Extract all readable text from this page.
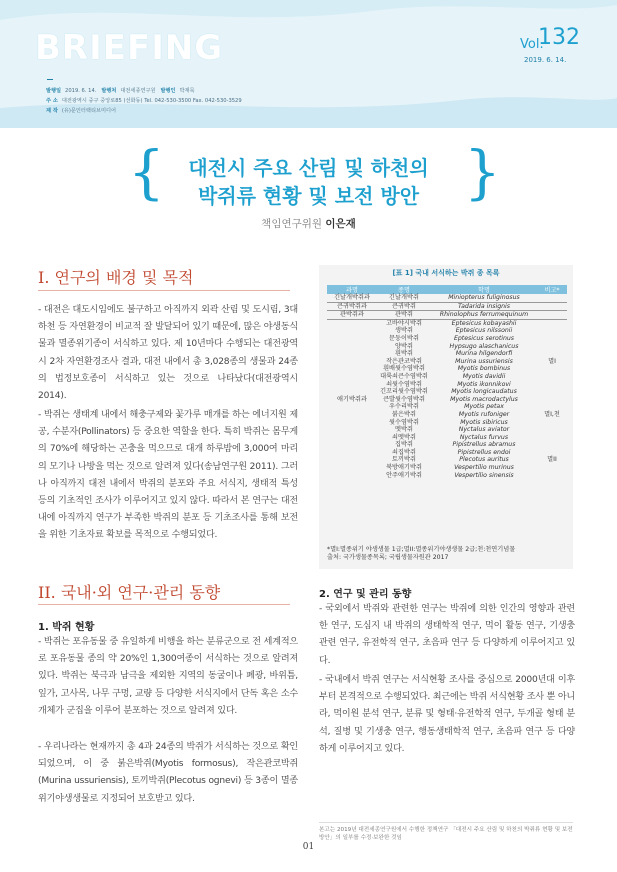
BRIEFING	Vol.
132
2019. 6. 14.
발행일 2019. 6. 14. 발행처 대전세종연구원 발행인 박재묵
주 소 대전광역시 중구 중앙로85 (선화동) Tel. 042-530-3500 Fax. 042-530-3529
제 작 (유)문인터랙티브미디어
{	}
대전시 주요 산림 및 하천의
박쥐류 현황 및 보전 방안
책임연구위원 이은재
I. 연구의 배경 및 목적
- 대전은 대도시임에도 불구하고 아직까지 외곽 산림 및 도시림, 3대 하천 등 자연환경이 비교적 잘 발달되어 있기 때문에, 많은 야생동식물과 멸종위기종이 서식하고 있다. 제 10년마다 수행되는 대전광역시 2차 자연환경조사 결과, 대전 내에서 총 3,028종의 생물과 24종의 법정보호종이 서식하고 있는 것으로 나타났다(대전광역시 2014).
- 박쥐는 생태계 내에서 해충구제와 꽃가루 매개를 하는 에너지원 제공, 수분자(Pollinators) 등 중요한 역할을 한다. 특히 박쥐는 몸무게의 70%에 해당하는 곤충을 먹으므로 대개 하루밤에 3,000여 마리의 모기나 나방을 먹는 것으로 알려져 있다(송남연구원 2011). 그러나 아직까지 대전 내에서 박쥐의 분포와 주요 서식지, 생태적 특성 등의 기초적인 조사가 이루어지고 있지 않다. 따라서 본 연구는 대전 내에 아직까지 연구가 부족한 박쥐의 분포 등 기초조사를 통해 보전을 위한 기초자료 확보를 목적으로 수행되었다.
II. 국내·외 연구·관리 동향
1. 박쥐 현황
- 박쥐는 포유동물 중 유일하게 비행을 하는 분류군으로 전 세계적으로 포유동물 종의 약 20%인 1,300여종이 서식하는 것으로 알려져 있다. 박쥐는 북극과 남극을 제외한 지역의 동굴이나 폐광, 바위틈, 잎가, 고사목, 나무 구멍, 교량 등 다양한 서식지에서 단독 혹은 소수 개체가 군집을 이루어 분포하는 것으로 알려져 있다.
- 우리나라는 현재까지 총 4과 24종의 박쥐가 서식하는 것으로 확인되었으며, 이 중 붉은박쥐(Myotis formosus), 작은관코박쥐(Murina ussuriensis), 토끼박쥐(Plecotus ognevi) 등 3종이 멸종위기야생생물로 지정되어 보호받고 있다.
2. 연구 및 관리 동향
- 국외에서 박쥐와 관련한 연구는 박쥐에 의한 인간의 영향과 관련한 연구, 도심지 내 박쥐의 생태학적 연구, 먹이 활동 연구, 기생충 관련 연구, 유전학적 연구, 초음파 연구 등 다양하게 이루어지고 있다.
- 국내에서 박쥐 연구는 서식현황 조사를 중심으로 2000년대 이후부터 본격적으로 수행되었다. 최근에는 박쥐 서식현황 조사 뿐 아니라, 먹이원 분석 연구, 분류 및 형태·유전학적 연구, 두개골 형태 분석, 질병 및 기생충 연구, 행동생태학적 연구, 초음파 연구 등 다양하게 이루어지고 있다.
[표 1] 국내 서식하는 박쥐 종 목록
과명	종명	학명	비고*
긴날개박쥐과	긴날개박쥐	Miniopterus fuliginosus	
큰귀박쥐과	큰귀박쥐	Tadarida insignis	
관박쥐과	관박쥐	Rhinolophus ferrumequinum	
	고바야시박쥐	Eptesicus kobayashii	
	생박쥐	Eptesicus nilssonii	
	문둥이박쥐	Eptesicus serotinus	
	양박쥐	Hypsugo alaschanicus	
	흰박쥐	Murina hilgendorfi	
	작은관코박쥐	Murina ussuriensis	멸I
	흰배윗수염박쥐	Myotis bombinus	
	대륙쇠큰수염박쥐	Myotis davidii	
	쇠윗수염박쥐	Myotis ikonnikovi	
	긴꼬리윗수염박쥐	Myotis longicaudatus	
애기박쥐과	큰발윗수염박쥐	Myotis macrodactylus	
	우수리박쥐	Myotis petax	
	붉은박쥐	Myotis rufoniger	멸I,천
	윗수염박쥐	Myotis sibiricus	
	멧박쥐	Nyctalus aviator	
	쇠멧박쥐	Nyctalus furvus	
	집박쥐	Pipistrellus abramus	
	쇠집박쥐	Pipistrellus endoi	
	토끼박쥐	Plecotus auritus	멸II
	북방애기박쥐	Vespertilio murinus	
	안주애기박쥐	Vespertilio sinensis	
*멸I:멸종위기 야생생물 1급;멸II:멸종위기야생생물 2급;천:천연기념물
출처: 국가생물종목록; 국립생물자원관 2017
본고는 2019년 대전세종연구원에서 수행한 정책연구 「대전시 주요 산림 및 하천의 박쥐류 현황 및 보전 방안」의 일부를 수정·보완한 것임
01
